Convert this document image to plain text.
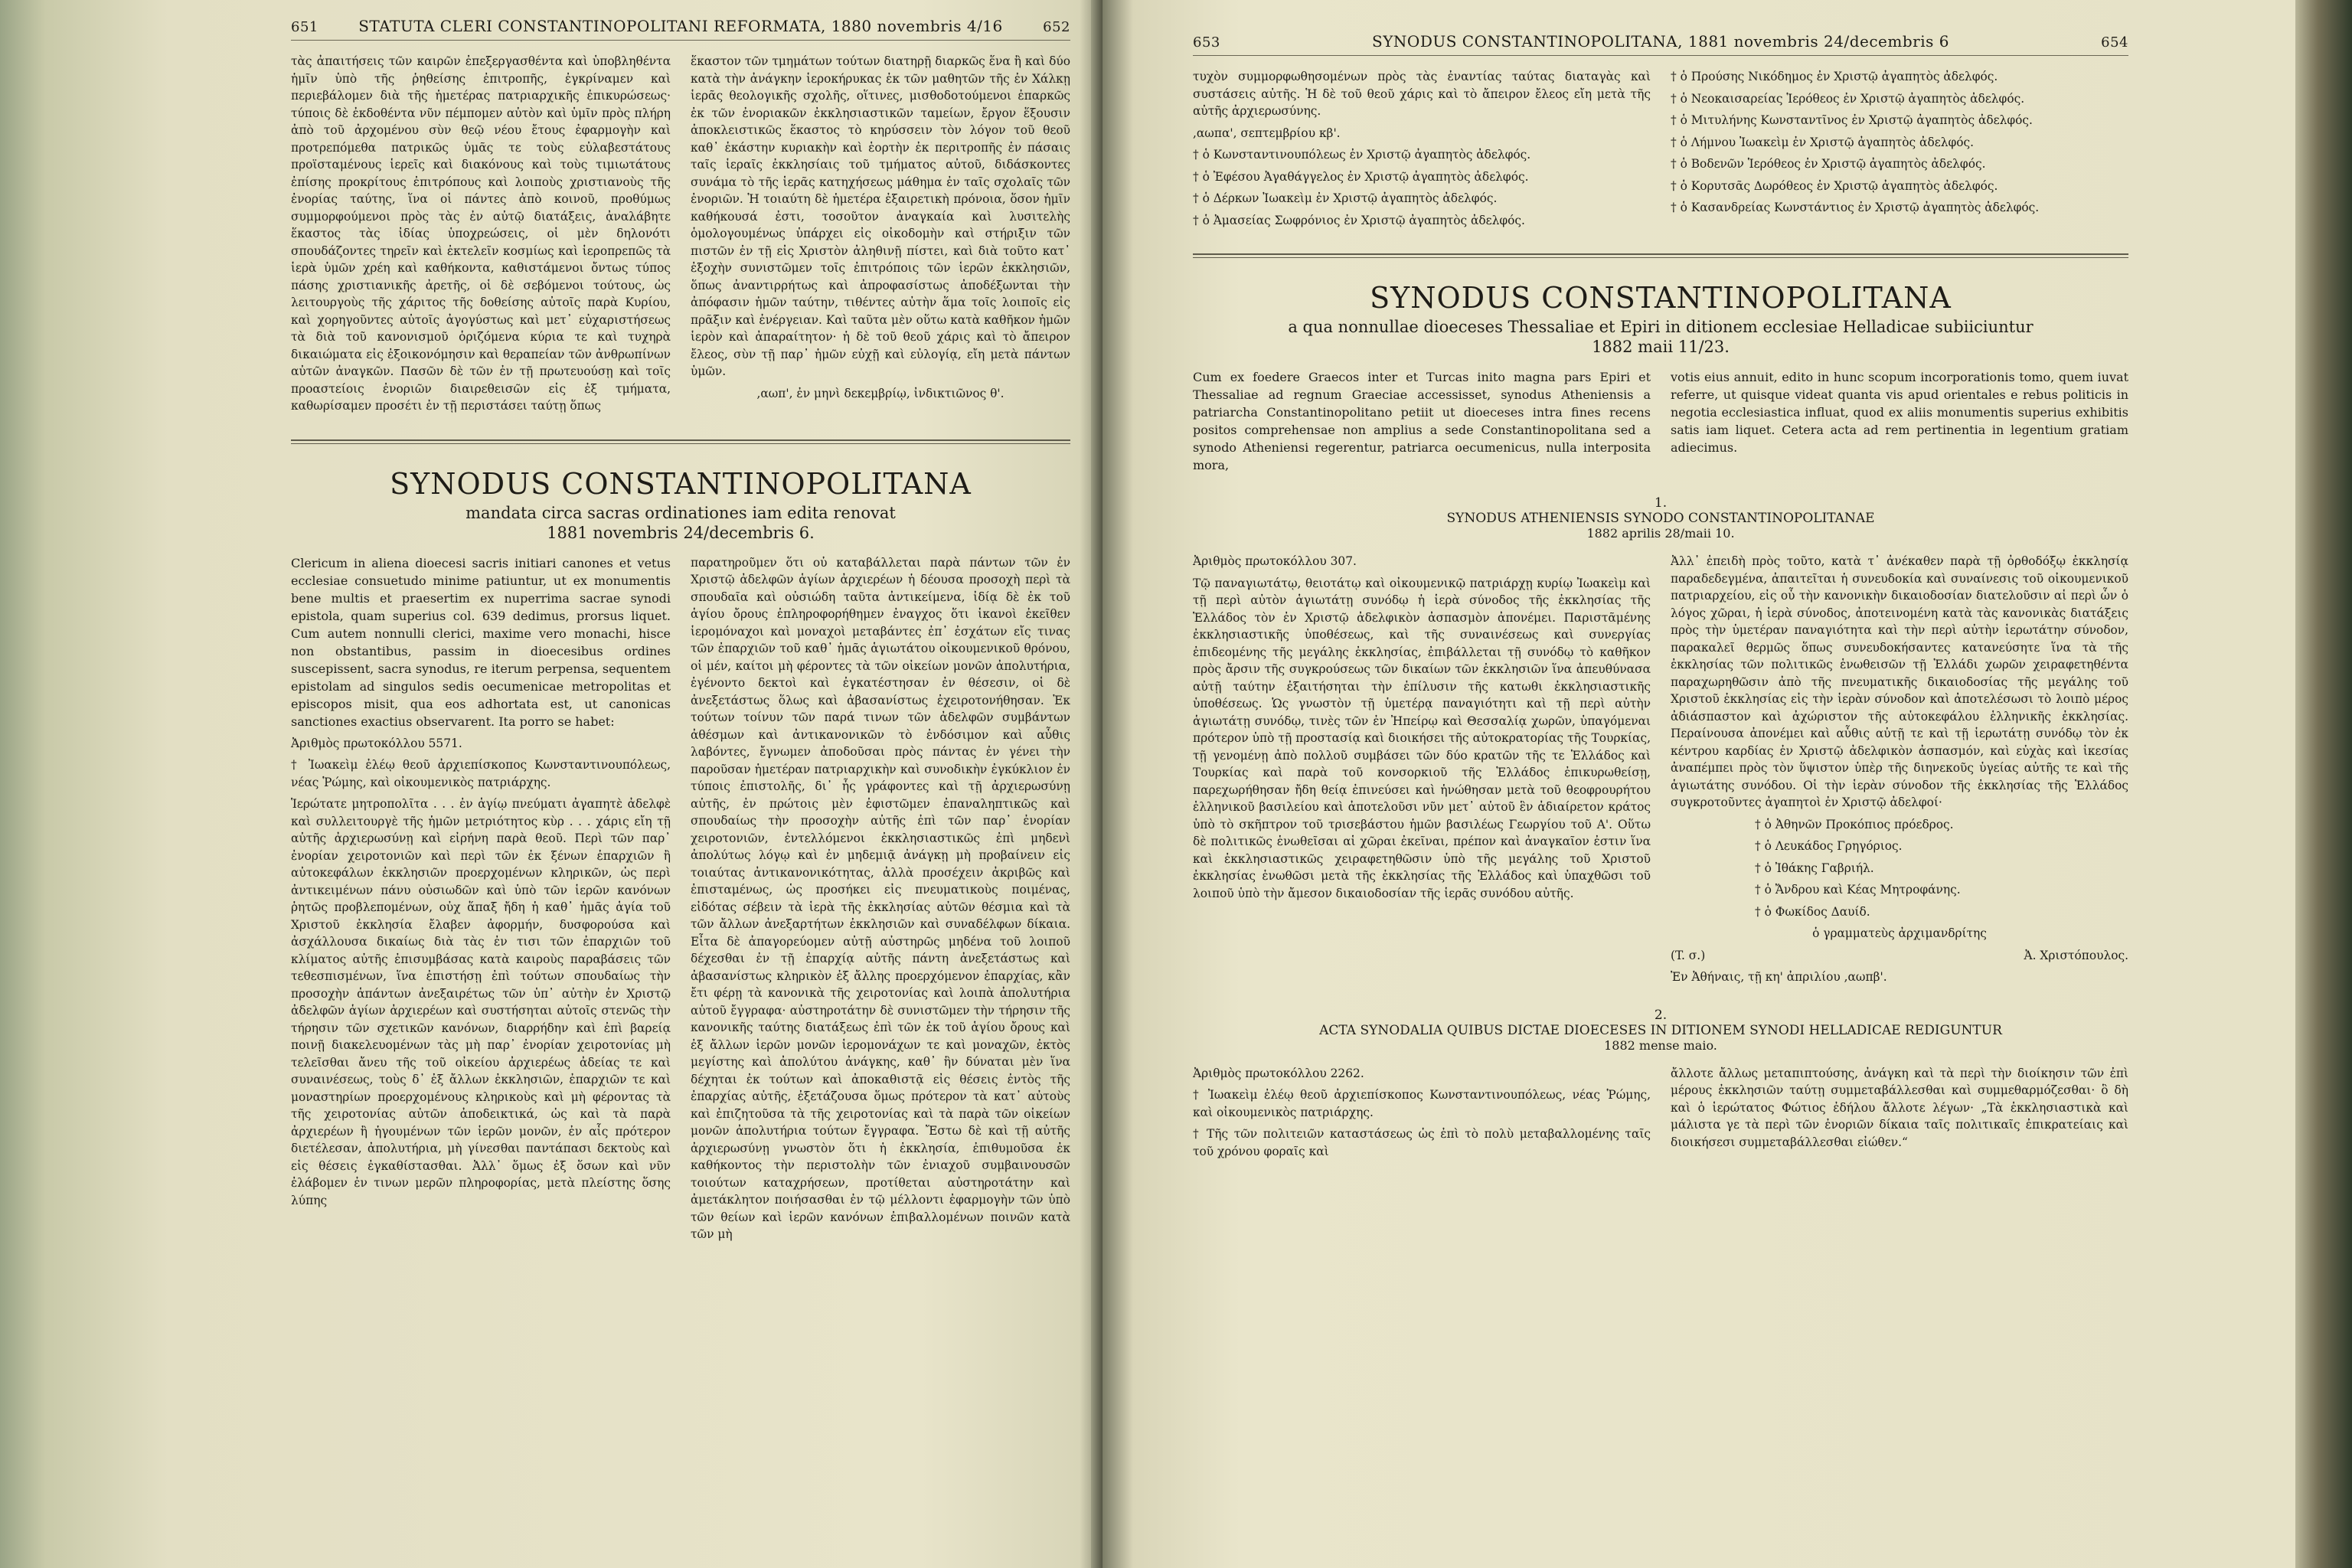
651	STATUTA CLERI CONSTANTINOPOLITANI REFORMATA, 1880 novembris 4/16	652

τὰς ἀπαιτήσεις τῶν καιρῶν ἐπεξεργασθέντα καὶ ὑποβληθέντα ἡμῖν ὑπὸ τῆς ῥηθείσης ἐπιτροπῆς, ἐγκρίναμεν καὶ περιεβάλομεν διὰ τῆς ἡμετέρας πατριαρχικῆς ἐπικυρώσεως· τύποις δὲ ἐκδοθέντα νῦν πέμπομεν αὐτὸν καὶ ὑμῖν πρὸς πλήρη ἀπὸ τοῦ ἀρχομένου σὺν θεῷ νέου ἔτους ἐφαρμογὴν καὶ προτρεπόμεθα πατρικῶς ὑμᾶς τε τοὺς εὐλαβεστάτους προϊσταμένους ἱερεῖς καὶ διακόνους καὶ τοὺς τιμιωτάτους ἐπίσης προκρίτους ἐπιτρόπους καὶ λοιποὺς χριστιανοὺς τῆς ἐνορίας ταύτης, ἵνα οἱ πάντες ἀπὸ κοινοῦ, προθύμως συμμορφούμενοι πρὸς τὰς ἐν αὐτῷ διατάξεις, ἀναλάβητε ἕκαστος τὰς ἰδίας ὑποχρεώσεις, οἱ μὲν δηλονότι σπουδάζοντες τηρεῖν καὶ ἐκτελεῖν κοσμίως καὶ ἱεροπρεπῶς τὰ ἱερὰ ὑμῶν χρέη καὶ καθήκοντα, καθιστάμενοι ὄντως τύπος πάσης χριστιανικῆς ἀρετῆς, οἱ δὲ σεβόμενοι τούτους, ὡς λειτουργοὺς τῆς χάριτος τῆς δοθείσης αὐτοῖς παρὰ Κυρίου, καὶ χορηγοῦντες αὐτοῖς ἀγογύστως καὶ μετ᾿ εὐχαριστήσεως τὰ διὰ τοῦ κανονισμοῦ ὁριζόμενα κύρια τε καὶ τυχηρὰ δικαιώματα εἰς ἐξοικονόμησιν καὶ θεραπείαν τῶν ἀνθρωπίνων αὐτῶν ἀναγκῶν. Πασῶν δὲ τῶν ἐν τῇ πρωτευούσῃ καὶ τοῖς προαστείοις ἐνοριῶν διαιρεθεισῶν εἰς ἐξ τμήματα, καθωρίσαμεν προσέτι ἐν τῇ περιστάσει ταύτῃ ὅπως

ἕκαστον τῶν τμημάτων τούτων διατηρῇ διαρκῶς ἕνα ἢ καὶ δύο κατὰ τὴν ἀνάγκην ἱεροκήρυκας ἐκ τῶν μαθητῶν τῆς ἐν Χάλκῃ ἱερᾶς θεολογικῆς σχολῆς, οἵτινες, μισθοδοτούμενοι ἐπαρκῶς ἐκ τῶν ἐνοριακῶν ἐκκλησιαστικῶν ταμείων, ἔργον ἕξουσιν ἀποκλειστικῶς ἕκαστος τὸ κηρύσσειν τὸν λόγον τοῦ θεοῦ καθ᾿ ἑκάστην κυριακὴν καὶ ἑορτὴν ἐκ περιτροπῆς ἐν πάσαις ταῖς ἱεραῖς ἐκκλησίαις τοῦ τμήματος αὐτοῦ, διδάσκοντες συνάμα τὸ τῆς ἱερᾶς κατηχήσεως μάθημα ἐν ταῖς σχολαῖς τῶν ἐνοριῶν. Ἡ τοιαύτη δὲ ἡμετέρα ἐξαιρετικὴ πρόνοια, ὅσον ἡμῖν καθήκουσά ἐστι, τοσοῦτον ἀναγκαία καὶ λυσιτελὴς ὁμολογουμένως ὑπάρχει εἰς οἰκοδομὴν καὶ στήριξιν τῶν πιστῶν ἐν τῇ εἰς Χριστὸν ἀληθινῇ πίστει, καὶ διὰ τοῦτο κατ᾿ ἐξοχὴν συνιστῶμεν τοῖς ἐπιτρόποις τῶν ἱερῶν ἐκκλησιῶν, ὅπως ἀναντιρρήτως καὶ ἀπροφασίστως ἀποδέξωνται τὴν ἀπόφασιν ἡμῶν ταύτην, τιθέντες αὐτὴν ἅμα τοῖς λοιποῖς εἰς πρᾶξιν καὶ ἐνέργειαν. Καὶ ταῦτα μὲν οὕτω κατὰ καθῆκον ἡμῶν ἱερὸν καὶ ἀπαραίτητον· ἡ δὲ τοῦ θεοῦ χάρις καὶ τὸ ἄπειρον ἔλεος, σὺν τῇ παρ᾿ ἡμῶν εὐχῇ καὶ εὐλογίᾳ, εἴη μετὰ πάντων ὑμῶν.

,αωπ', ἐν μηνὶ δεκεμβρίῳ, ἰνδικτιῶνος θ'.

SYNODUS CONSTANTINOPOLITANA
mandata circa sacras ordinationes iam edita renovat
1881 novembris 24/decembris 6.

Clericum in aliena dioecesi sacris initiari canones et vetus ecclesiae consuetudo minime patiuntur, ut ex monumentis bene multis et praesertim ex nuperrima sacrae synodi epistola, quam superius col. 639 dedimus, prorsus liquet. Cum autem nonnulli clerici, maxime vero monachi, hisce non obstantibus, passim in dioecesibus ordines suscepissent, sacra synodus, re iterum perpensa, sequentem epistolam ad singulos sedis oecumenicae metropolitas et episcopos misit, qua eos adhortata est, ut canonicas sanctiones exactius observarent. Ita porro se habet:

Ἀριθμὸς πρωτοκόλλου 5571.

† Ἰωακεὶμ ἐλέῳ θεοῦ ἀρχιεπίσκοπος Κωνσταντινουπόλεως, νέας Ῥώμης, καὶ οἰκουμενικὸς πατριάρχης.

Ἱερώτατε μητροπολῖτα . . . ἐν ἁγίῳ πνεύματι ἀγαπητὲ ἀδελφὲ καὶ συλλειτουργὲ τῆς ἡμῶν μετριότητος κὺρ . . . χάρις εἴη τῇ αὐτῆς ἀρχιερωσύνῃ καὶ εἰρήνη παρὰ θεοῦ. Περὶ τῶν παρ᾿ ἐνορίαν χειροτονιῶν καὶ περὶ τῶν ἐκ ξένων ἐπαρχιῶν ἢ αὐτοκεφάλων ἐκκλησιῶν προερχομένων κληρικῶν, ὡς περὶ ἀντικειμένων πάνυ οὐσιωδῶν καὶ ὑπὸ τῶν ἱερῶν κανόνων ῥητῶς προβλεπομένων, οὐχ ἅπαξ ἤδη ἡ καθ᾿ ἡμᾶς ἁγία τοῦ Χριστοῦ ἐκκλησία ἔλαβεν ἀφορμήν, δυσφορούσα καὶ ἀσχάλλουσα δικαίως διὰ τὰς ἐν τισι τῶν ἐπαρχιῶν τοῦ κλίματος αὐτῆς ἐπισυμβάσας κατὰ καιροὺς παραβάσεις τῶν τεθεσπισμένων, ἵνα ἐπιστήσῃ ἐπὶ τούτων σπουδαίως τὴν προσοχὴν ἁπάντων ἀνεξαιρέτως τῶν ὑπ᾿ αὐτὴν ἐν Χριστῷ ἀδελφῶν ἁγίων ἀρχιερέων καὶ συστήσηται αὐτοῖς στενῶς τὴν τήρησιν τῶν σχετικῶν κανόνων, διαρρήδην καὶ ἐπὶ βαρείᾳ ποινῇ διακελευομένων τὰς μὴ παρ᾿ ἐνορίαν χειροτονίας μὴ τελεῖσθαι ἄνευ τῆς τοῦ οἰκείου ἀρχιερέως ἀδείας τε καὶ συναινέσεως, τοὺς δ᾿ ἐξ ἄλλων ἐκκλησιῶν, ἐπαρχιῶν τε καὶ μοναστηρίων προερχομένους κληρικοὺς καὶ μὴ φέροντας τὰ τῆς χειροτονίας αὐτῶν ἀποδεικτικά, ὡς καὶ τὰ παρὰ ἀρχιερέων ἢ ἡγουμένων τῶν ἱερῶν μονῶν, ἐν αἷς πρότερον διετέλεσαν, ἀπολυτήρια, μὴ γίνεσθαι παντάπασι δεκτοὺς καὶ εἰς θέσεις ἐγκαθίστασθαι. Ἀλλ᾿ ὅμως ἐξ ὅσων καὶ νῦν ἐλάβομεν ἐν τινων μερῶν πληροφορίας, μετὰ πλείστης ὅσης λύπης

παρατηροῦμεν ὅτι οὐ καταβάλλεται παρὰ πάντων τῶν ἐν Χριστῷ ἀδελφῶν ἁγίων ἀρχιερέων ἡ δέουσα προσοχὴ περὶ τὰ σπουδαῖα καὶ οὐσιώδη ταῦτα ἀντικείμενα, ἰδίᾳ δὲ ἐκ τοῦ ἁγίου ὄρους ἐπληροφορήθημεν ἐναγχος ὅτι ἱκανοὶ ἐκεῖθεν ἱερομόναχοι καὶ μοναχοὶ μεταβάντες ἐπ᾿ ἐσχάτων εἴς τινας τῶν ἐπαρχιῶν τοῦ καθ᾿ ἡμᾶς ἁγιωτάτου οἰκουμενικοῦ θρόνου, οἱ μέν, καίτοι μὴ φέροντες τὰ τῶν οἰκείων μονῶν ἀπολυτήρια, ἐγένοντο δεκτοὶ καὶ ἐγκατέστησαν ἐν θέσεσιν, οἱ δὲ ἀνεξετάστως ὅλως καὶ ἀβασανίστως ἐχειροτονήθησαν. Ἐκ τούτων τοίνυν τῶν παρά τινων τῶν ἀδελφῶν συμβάντων ἀθέσμων καὶ ἀντικανονικῶν τὸ ἐνδόσιμον καὶ αὖθις λαβόντες, ἔγνωμεν ἀποδοῦσαι πρὸς πάντας ἐν γένει τὴν παροῦσαν ἡμετέραν πατριαρχικὴν καὶ συνοδικὴν ἐγκύκλιον ἐν τύποις ἐπιστολῆς, δι᾿ ἧς γράφοντες καὶ τῇ ἀρχιερωσύνῃ αὐτῆς, ἐν πρώτοις μὲν ἐφιστῶμεν ἐπαναληπτικῶς καὶ σπουδαίως τὴν προσοχὴν αὐτῆς ἐπὶ τῶν παρ᾿ ἐνορίαν χειροτονιῶν, ἐντελλόμενοι ἐκκλησιαστικῶς ἐπὶ μηδενὶ ἀπολύτως λόγῳ καὶ ἐν μηδεμιᾷ ἀνάγκῃ μὴ προβαίνειν εἰς τοιαύτας ἀντικανονικότητας, ἀλλὰ προσέχειν ἀκριβῶς καὶ ἐπισταμένως, ὡς προσήκει εἰς πνευματικοὺς ποιμένας, εἰδότας σέβειν τὰ ἱερὰ τῆς ἐκκλησίας αὐτῶν θέσμια καὶ τὰ τῶν ἄλλων ἀνεξαρτήτων ἐκκλησιῶν καὶ συναδέλφων δίκαια. Εἶτα δὲ ἀπαγορεύομεν αὐτῇ αὐστηρῶς μηδένα τοῦ λοιποῦ δέχεσθαι ἐν τῇ ἐπαρχίᾳ αὐτῆς πάντη ἀνεξετάστως καὶ ἀβασανίστως κληρικὸν ἐξ ἄλλης προερχόμενον ἐπαρχίας, κἂν ἔτι φέρῃ τὰ κανονικὰ τῆς χειροτονίας καὶ λοιπὰ ἀπολυτήρια αὐτοῦ ἔγγραφα· αὐστηροτάτην δὲ συνιστῶμεν τὴν τήρησιν τῆς κανονικῆς ταύτης διατάξεως ἐπὶ τῶν ἐκ τοῦ ἁγίου ὄρους καὶ ἐξ ἄλλων ἱερῶν μονῶν ἱερομονάχων τε καὶ μοναχῶν, ἐκτὸς μεγίστης καὶ ἀπολύτου ἀνάγκης, καθ᾿ ἣν δύναται μὲν ἵνα δέχηται ἐκ τούτων καὶ ἀποκαθιστᾷ εἰς θέσεις ἐντὸς τῆς ἐπαρχίας αὐτῆς, ἐξετάζουσα ὅμως πρότερον τὰ κατ᾿ αὐτοὺς καὶ ἐπιζητοῦσα τὰ τῆς χειροτονίας καὶ τὰ παρὰ τῶν οἰκείων μονῶν ἀπολυτήρια τούτων ἔγγραφα. Ἔστω δὲ καὶ τῇ αὐτῆς ἀρχιερωσύνῃ γνωστὸν ὅτι ἡ ἐκκλησία, ἐπιθυμοῦσα ἐκ καθήκοντος τὴν περιστολὴν τῶν ἐνιαχοῦ συμβαινουσῶν τοιούτων καταχρήσεων, προτίθεται αὐστηροτάτην καὶ ἀμετάκλητον ποιήσασθαι ἐν τῷ μέλλοντι ἐφαρμογὴν τῶν ὑπὸ τῶν θείων καὶ ἱερῶν κανόνων ἐπιβαλλομένων ποινῶν κατὰ τῶν μὴ

653	SYNODUS CONSTANTINOPOLITANA, 1881 novembris 24/decembris 6	654

τυχὸν συμμορφωθησομένων πρὸς τὰς ἐναντίας ταύτας διαταγὰς καὶ συστάσεις αὐτῆς. Ἡ δὲ τοῦ θεοῦ χάρις καὶ τὸ ἄπειρον ἔλεος εἴη μετὰ τῆς αὐτῆς ἀρχιερωσύνης.

,αωπα', σεπτεμβρίου κβ'.

† ὁ Κωνσταντινουπόλεως ἐν Χριστῷ ἀγαπητὸς ἀδελφός.

† ὁ Ἐφέσου Ἀγαθάγγελος ἐν Χριστῷ ἀγαπητὸς ἀδελφός.

† ὁ Δέρκων Ἰωακεὶμ ἐν Χριστῷ ἀγαπητὸς ἀδελφός.

† ὁ Ἀμασείας Σωφρόνιος ἐν Χριστῷ ἀγαπητὸς ἀδελφός.

† ὁ Προύσης Νικόδημος ἐν Χριστῷ ἀγαπητὸς ἀδελφός.

† ὁ Νεοκαισαρείας Ἱερόθεος ἐν Χριστῷ ἀγαπητὸς ἀδελφός.

† ὁ Μιτυλήνης Κωνσταντῖνος ἐν Χριστῷ ἀγαπητὸς ἀδελφός.

† ὁ Λήμνου Ἰωακεὶμ ἐν Χριστῷ ἀγαπητὸς ἀδελφός.

† ὁ Βοδενῶν Ἱερόθεος ἐν Χριστῷ ἀγαπητὸς ἀδελφός.

† ὁ Κορυτσᾶς Δωρόθεος ἐν Χριστῷ ἀγαπητὸς ἀδελφός.

† ὁ Κασανδρείας Κωνστάντιος ἐν Χριστῷ ἀγαπητὸς ἀδελφός.

SYNODUS CONSTANTINOPOLITANA
a qua nonnullae dioeceses Thessaliae et Epiri in ditionem ecclesiae Helladicae subiiciuntur
1882 maii 11/23.

Cum ex foedere Graecos inter et Turcas inito magna pars Epiri et Thessaliae ad regnum Graeciae accessisset, synodus Atheniensis a patriarcha Constantinopolitano petiit ut dioeceses intra fines recens positos comprehensae non amplius a sede Constantinopolitana sed a synodo Atheniensi regerentur, patriarca oecumenicus, nulla interposita mora,

votis eius annuit, edito in hunc scopum incorporationis tomo, quem iuvat referre, ut quisque videat quanta vis apud orientales e rebus politicis in negotia ecclesiastica influat, quod ex aliis monumentis superius exhibitis satis iam liquet. Cetera acta ad rem pertinentia in legentium gratiam adiecimus.

1.
SYNODUS ATHENIENSIS SYNODO CONSTANTINOPOLITANAE
1882 aprilis 28/maii 10.

Ἀριθμὸς πρωτοκόλλου 307.

Τῷ παναγιωτάτῳ, θειοτάτῳ καὶ οἰκουμενικῷ πατριάρχῃ κυρίῳ Ἰωακεὶμ καὶ τῇ περὶ αὐτὸν ἁγιωτάτῃ συνόδῳ ἡ ἱερὰ σύνοδος τῆς ἐκκλησίας τῆς Ἑλλάδος τὸν ἐν Χριστῷ ἀδελφικὸν ἀσπασμὸν ἀπονέμει. Παριστᾶμένης ἐκκλησιαστικῆς ὑποθέσεως, καὶ τῆς συναινέσεως καὶ συνεργίας ἐπιδεομένης τῆς μεγάλης ἐκκλησίας, ἐπιβάλλεται τῇ συνόδῳ τὸ καθῆκον πρὸς ἄρσιν τῆς συγκρούσεως τῶν δικαίων τῶν ἐκκλησιῶν ἵνα ἀπευθύνασα αὐτῇ ταύτην ἐξαιτήσηται τὴν ἐπίλυσιν τῆς κατωθι ἐκκλησιαστικῆς ὑποθέσεως. Ὡς γνωστὸν τῇ ὑμετέρᾳ παναγιότητι καὶ τῇ περὶ αὐτὴν ἁγιωτάτῃ συνόδῳ, τινὲς τῶν ἐν Ἠπείρῳ καὶ Θεσσαλίᾳ χωρῶν, ὑπαγόμεναι πρότερον ὑπὸ τῇ προστασίᾳ καὶ διοικήσει τῆς αὐτοκρατορίας τῆς Τουρκίας, τῇ γενομένῃ ἀπὸ πολλοῦ συμβάσει τῶν δύο κρατῶν τῆς τε Ἑλλάδος καὶ Τουρκίας καὶ παρὰ τοῦ κονσορκιοῦ τῆς Ἑλλάδος ἐπικυρωθείσῃ, παρεχωρήθησαν ἤδη θείᾳ ἐπινεύσει καὶ ἡνώθησαν μετὰ τοῦ θεοφρουρήτου ἑλληνικοῦ βασιλείου καὶ ἀποτελοῦσι νῦν μετ᾿ αὐτοῦ ἓν ἀδιαίρετον κράτος ὑπὸ τὸ σκῆπτρον τοῦ τρισεβάστου ἡμῶν βασιλέως Γεωργίου τοῦ Α'. Οὕτω δὲ πολιτικῶς ἑνωθεῖσαι αἱ χῶραι ἐκεῖναι, πρέπον καὶ ἀναγκαῖον ἐστιν ἵνα καὶ ἐκκλησιαστικῶς χειραφετηθῶσιν ὑπὸ τῆς μεγάλης τοῦ Χριστοῦ ἐκκλησίας ἑνωθῶσι μετὰ τῆς ἐκκλησίας τῆς Ἑλλάδος καὶ ὑπαχθῶσι τοῦ λοιποῦ ὑπὸ τὴν ἄμεσον δικαιοδοσίαν τῆς ἱερᾶς συνόδου αὐτῆς.

Ἀλλ᾿ ἐπειδὴ πρὸς τοῦτο, κατὰ τ᾿ ἀνέκαθεν παρὰ τῇ ὀρθοδόξῳ ἐκκλησίᾳ παραδεδεγμένα, ἀπαιτεῖται ἡ συνευδοκία καὶ συναίνεσις τοῦ οἰκουμενικοῦ πατριαρχείου, εἰς οὗ τὴν κανονικὴν δικαιοδοσίαν διατελοῦσιν αἱ περὶ ὧν ὁ λόγος χῶραι, ἡ ἱερὰ σύνοδος, ἀποτεινομένη κατὰ τὰς κανονικὰς διατάξεις πρὸς τὴν ὑμετέραν παναγιότητα καὶ τὴν περὶ αὐτὴν ἱερωτάτην σύνοδον, παρακαλεῖ θερμῶς ὅπως συνευδοκήσαντες κατανεύσητε ἵνα τὰ τῆς ἐκκλησίας τῶν πολιτικῶς ἑνωθεισῶν τῇ Ἑλλάδι χωρῶν χειραφετηθέντα παραχωρηθῶσιν ἀπὸ τῆς πνευματικῆς δικαιοδοσίας τῆς μεγάλης τοῦ Χριστοῦ ἐκκλησίας εἰς τὴν ἱερὰν σύνοδον καὶ ἀποτελέσωσι τὸ λοιπὸ μέρος ἀδιάσπαστον καὶ ἀχώριστον τῆς αὐτοκεφάλου ἑλληνικῆς ἐκκλησίας. Περαίνουσα ἀπονέμει καὶ αὖθις αὐτῇ τε καὶ τῇ ἱερωτάτῃ συνόδῳ τὸν ἐκ κέντρου καρδίας ἐν Χριστῷ ἀδελφικὸν ἀσπασμόν, καὶ εὐχὰς καὶ ἱκεσίας ἀναπέμπει πρὸς τὸν ὕψιστον ὑπὲρ τῆς διηνεκοῦς ὑγείας αὐτῆς τε καὶ τῆς ἁγιωτάτης συνόδου. Οἱ τὴν ἱερὰν σύνοδον τῆς ἐκκλησίας τῆς Ἑλλάδος συγκροτοῦντες ἀγαπητοὶ ἐν Χριστῷ ἀδελφοί·

† ὁ Ἀθηνῶν Προκόπιος πρόεδρος.

† ὁ Λευκάδος Γρηγόριος.

† ὁ Ἰθάκης Γαβριήλ.

† ὁ Ἄνδρου καὶ Κέας Μητροφάνης.

† ὁ Φωκίδος Δαυίδ.

ὁ γραμματεὺς ἀρχιμανδρίτης

(T. σ.)	Ἀ. Χριστόπουλος.

Ἐν Ἀθήναις, τῇ κη' ἀπριλίου ,αωπβ'.

2.
ACTA SYNODALIA QUIBUS DICTAE DIOECESES IN DITIONEM SYNODI HELLADICAE REDIGUNTUR
1882 mense maio.

Ἀριθμὸς πρωτοκόλλου 2262.

† Ἰωακεὶμ ἐλέῳ θεοῦ ἀρχιεπίσκοπος Κωνσταντινουπόλεως, νέας Ῥώμης, καὶ οἰκουμενικὸς πατριάρχης.

† Τῆς τῶν πολιτειῶν καταστάσεως ὡς ἐπὶ τὸ πολὺ μεταβαλλομένης ταῖς τοῦ χρόνου φοραῖς καὶ

ἄλλοτε ἄλλως μεταπιπτούσης, ἀνάγκη καὶ τὰ περὶ τὴν διοίκησιν τῶν ἐπὶ μέρους ἐκκλησιῶν ταύτῃ συμμεταβάλλεσθαι καὶ συμμεθαρμόζεσθαι· ὃ δὴ καὶ ὁ ἱερώτατος Φώτιος ἐδήλου ἄλλοτε λέγων· „Τὰ ἐκκλησιαστικὰ καὶ μάλιστα γε τὰ περὶ τῶν ἐνοριῶν δίκαια ταῖς πολιτικαῖς ἐπικρατείαις καὶ διοικήσεσι συμμεταβάλλεσθαι εἰώθεν.“
